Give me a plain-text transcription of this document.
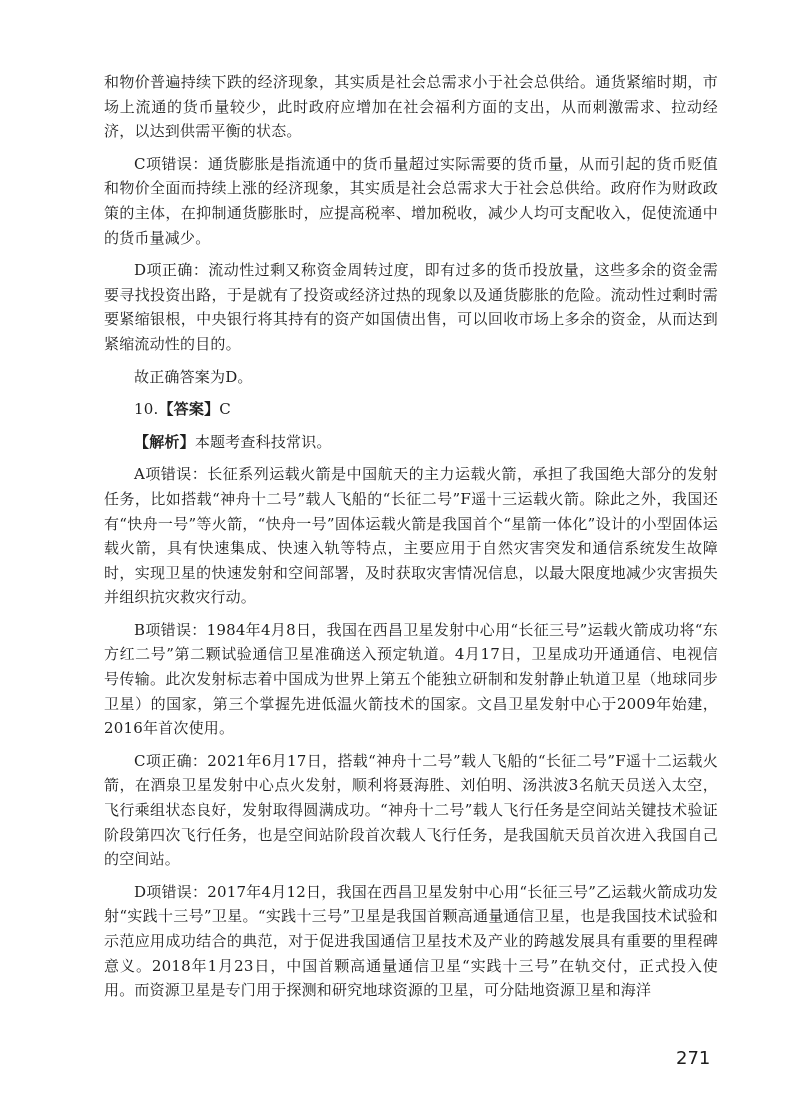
和物价普遍持续下跌的经济现象，其实质是社会总需求小于社会总供给。通货紧缩时期，市场上流通的货币量较少，此时政府应增加在社会福利方面的支出，从而刺激需求、拉动经济，以达到供需平衡的状态。

C项错误：通货膨胀是指流通中的货币量超过实际需要的货币量，从而引起的货币贬值和物价全面而持续上涨的经济现象，其实质是社会总需求大于社会总供给。政府作为财政政策的主体，在抑制通货膨胀时，应提高税率、增加税收，减少人均可支配收入，促使流通中的货币量减少。

D项正确：流动性过剩又称资金周转过度，即有过多的货币投放量，这些多余的资金需要寻找投资出路，于是就有了投资或经济过热的现象以及通货膨胀的危险。流动性过剩时需要紧缩银根，中央银行将其持有的资产如国债出售，可以回收市场上多余的资金，从而达到紧缩流动性的目的。

故正确答案为D。

10.【答案】C

【解析】本题考查科技常识。

A项错误：长征系列运载火箭是中国航天的主力运载火箭，承担了我国绝大部分的发射任务，比如搭载“神舟十二号”载人飞船的“长征二号”F遥十三运载火箭。除此之外，我国还有“快舟一号”等火箭，“快舟一号”固体运载火箭是我国首个“星箭一体化”设计的小型固体运载火箭，具有快速集成、快速入轨等特点，主要应用于自然灾害突发和通信系统发生故障时，实现卫星的快速发射和空间部署，及时获取灾害情况信息，以最大限度地减少灾害损失并组织抗灾救灾行动。

B项错误：1984年4月8日，我国在西昌卫星发射中心用“长征三号”运载火箭成功将“东方红二号”第二颗试验通信卫星准确送入预定轨道。4月17日，卫星成功开通通信、电视信号传输。此次发射标志着中国成为世界上第五个能独立研制和发射静止轨道卫星（地球同步卫星）的国家，第三个掌握先进低温火箭技术的国家。文昌卫星发射中心于2009年始建，2016年首次使用。

C项正确：2021年6月17日，搭载“神舟十二号”载人飞船的“长征二号”F遥十二运载火箭，在酒泉卫星发射中心点火发射，顺利将聂海胜、刘伯明、汤洪波3名航天员送入太空，飞行乘组状态良好，发射取得圆满成功。“神舟十二号”载人飞行任务是空间站关键技术验证阶段第四次飞行任务，也是空间站阶段首次载人飞行任务，是我国航天员首次进入我国自己的空间站。

D项错误：2017年4月12日，我国在西昌卫星发射中心用“长征三号”乙运载火箭成功发射“实践十三号”卫星。“实践十三号”卫星是我国首颗高通量通信卫星，也是我国技术试验和示范应用成功结合的典范，对于促进我国通信卫星技术及产业的跨越发展具有重要的里程碑意义。2018年1月23日，中国首颗高通量通信卫星“实践十三号”在轨交付，正式投入使用。而资源卫星是专门用于探测和研究地球资源的卫星，可分陆地资源卫星和海洋

271
